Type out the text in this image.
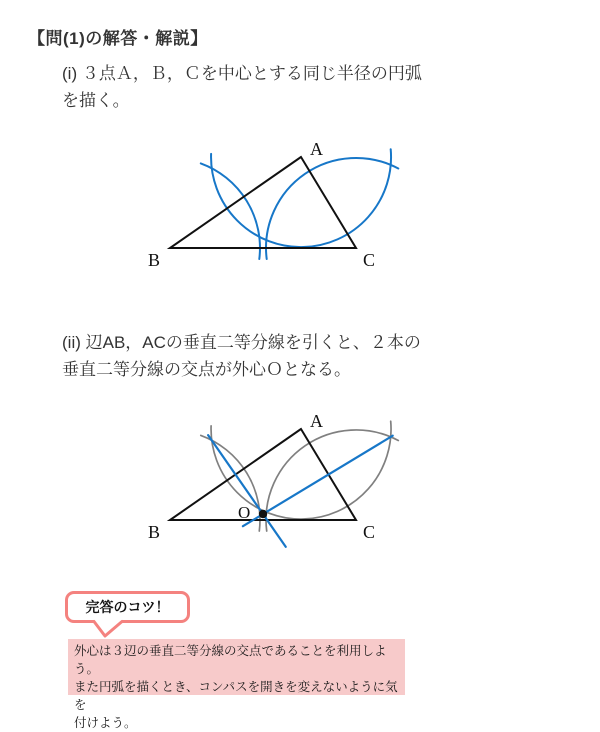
【問(1)の解答・解説】
(i) ３点Ａ，Ｂ，Ｃを中心とする同じ半径の円弧
を描く。
A
B	C
(ii) 辺AB，ACの垂直二等分線を引くと、２本の
垂直二等分線の交点が外心Ｏとなる。
A
B	C
O
完答のコツ！
外心は３辺の垂直二等分線の交点であることを利用しよう。
また円弧を描くとき、コンパスを開きを変えないように気を
付けよう。
